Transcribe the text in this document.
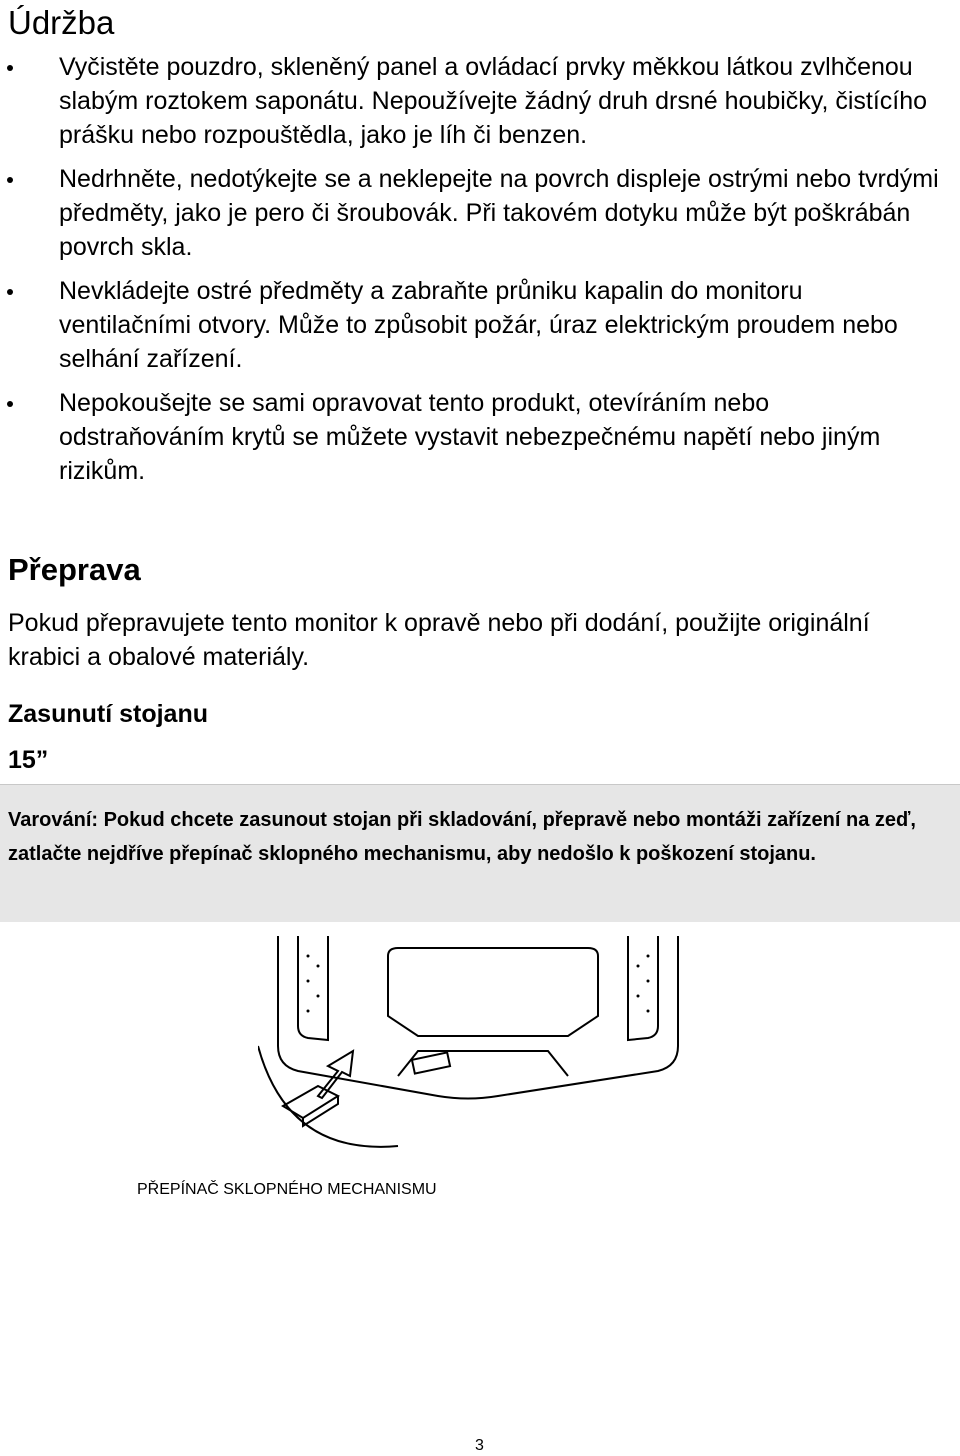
Údržba
Vyčistěte pouzdro, skleněný panel a ovládací prvky měkkou látkou zvlhčenou slabým roztokem saponátu. Nepoužívejte žádný druh drsné houbičky, čistícího prášku nebo rozpouštědla, jako je líh či benzen.
Nedrhněte, nedotýkejte se a neklepejte na povrch displeje ostrými nebo tvrdými předměty, jako je pero či šroubovák. Při takovém dotyku může být poškrábán povrch skla.
Nevkládejte ostré předměty a zabraňte průniku kapalin do monitoru ventilačními otvory. Může to způsobit požár, úraz elektrickým proudem nebo selhání zařízení.
Nepokoušejte se sami opravovat tento produkt, otevíráním nebo odstraňováním krytů se můžete vystavit nebezpečnému napětí nebo jiným rizikům.
Přeprava
Pokud přepravujete tento monitor k opravě nebo při dodání, použijte originální krabici a obalové materiály.
Zasunutí stojanu
15”

Varování: Pokud chcete zasunout stojan při skladování, přepravě nebo montáži zařízení na zeď, zatlačte nejdříve přepínač sklopného mechanismu, aby nedošlo k poškození stojanu.

PŘEPÍNAČ SKLOPNÉHO MECHANISMU
3
